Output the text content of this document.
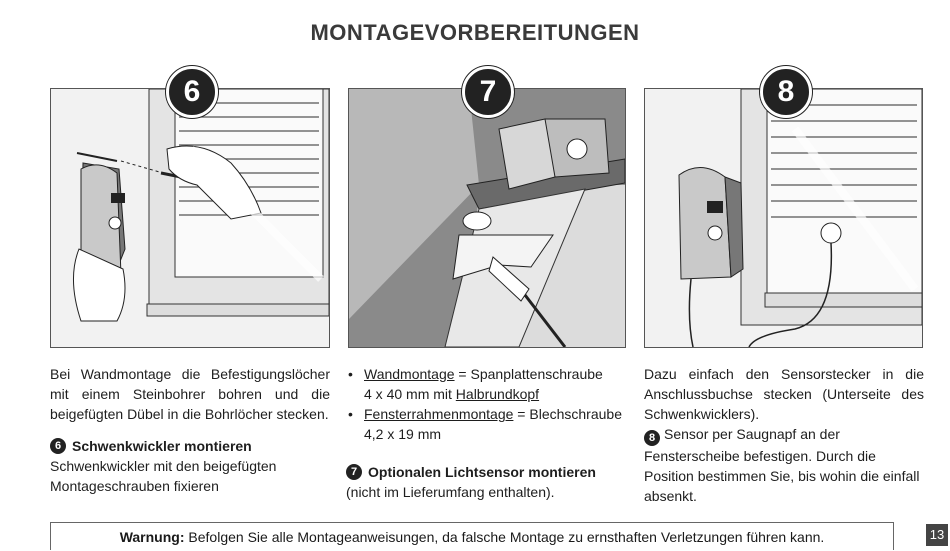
MONTAGEVORBEREITUNGEN
6	7	8
Bei Wandmontage die Befestigungslöcher mit einem Steinbohrer bohren und die beigefügten Dübel in die Bohrlöcher stecken.
6 Schwenkwickler montieren
Schwenkwickler mit den beigefügten Montageschrauben fixieren
• Wandmontage = Spanplattenschraube
4 x 40 mm mit Halbrundkopf
• Fensterrahmenmontage = Blechschraube
4,2 x 19 mm
7 Optionalen Lichtsensor montieren
(nicht im Lieferumfang enthalten).
Dazu einfach den Sensorstecker in die Anschlussbuchse stecken (Unterseite des Schwenkwicklers).
8 Sensor per Saugnapf an der Fensterscheibe befestigen. Durch die Position bestimmen Sie, bis wohin die einfall absenkt.
Warnung: Befolgen Sie alle Montageanweisungen, da falsche Montage zu ernsthaften Verletzungen führen kann.	13
